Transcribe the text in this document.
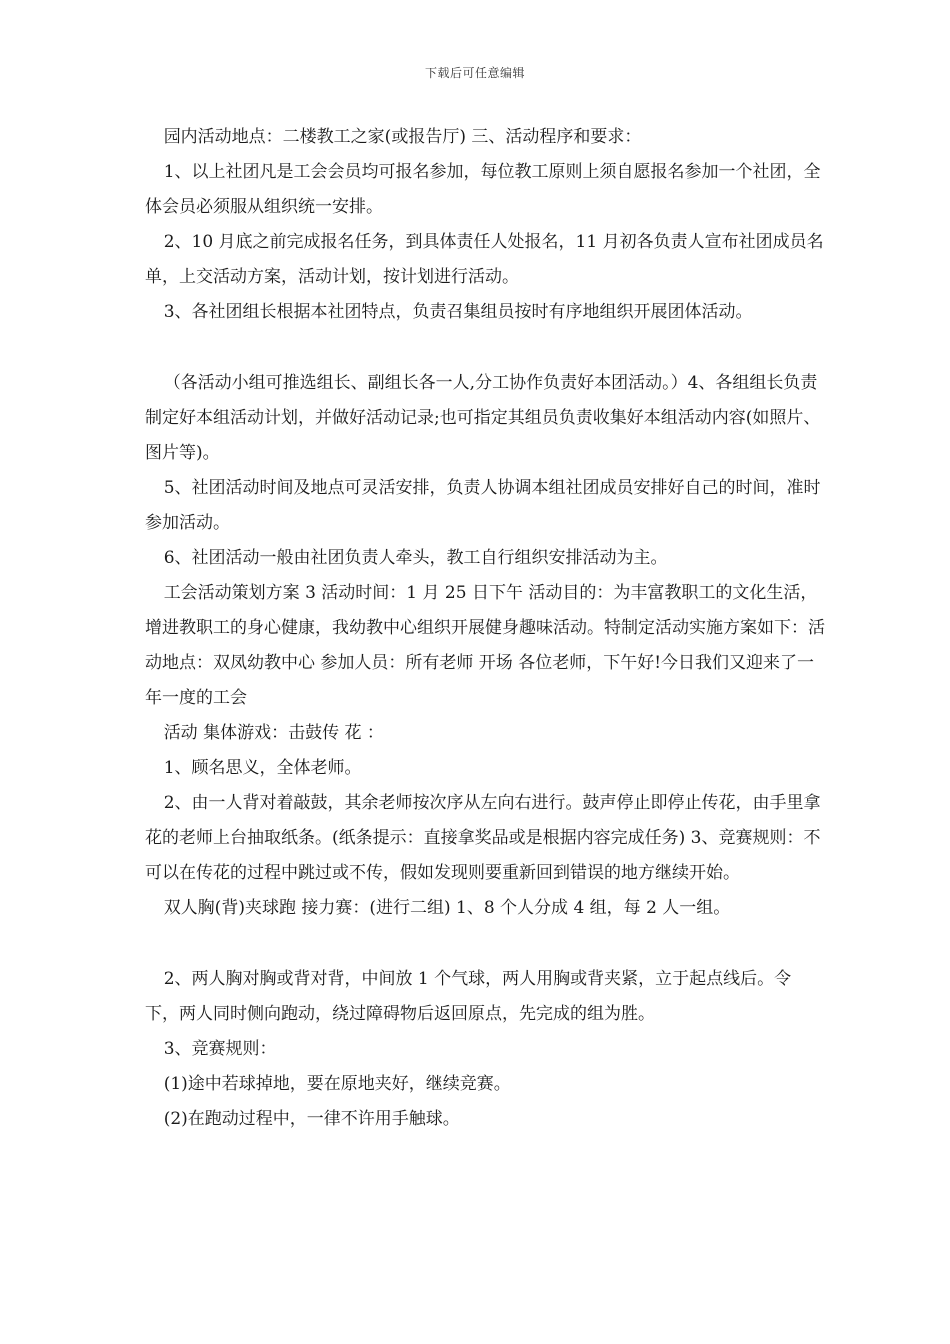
下载后可任意编辑

园内活动地点：二楼教工之家(或报告厅) 三、活动程序和要求：

1、以上社团凡是工会会员均可报名参加，每位教工原则上须自愿报名参加一个社团，全体会员必须服从组织统一安排。

2、10 月底之前完成报名任务，到具体责任人处报名，11 月初各负责人宣布社团成员名单，上交活动方案，活动计划，按计划进行活动。

3、各社团组长根据本社团特点，负责召集组员按时有序地组织开展团体活动。

（各活动小组可推选组长、副组长各一人,分工协作负责好本团活动。）4、各组组长负责制定好本组活动计划，并做好活动记录;也可指定其组员负责收集好本组活动内容(如照片、图片等)。

5、社团活动时间及地点可灵活安排，负责人协调本组社团成员安排好自己的时间，准时参加活动。

6、社团活动一般由社团负责人牵头，教工自行组织安排活动为主。

工会活动策划方案 3 活动时间：1 月 25 日下午 活动目的：为丰富教职工的文化生活，增进教职工的身心健康，我幼教中心组织开展健身趣味活动。特制定活动实施方案如下：活动地点：双凤幼教中心 参加人员：所有老师 开场 各位老师，下午好!今日我们又迎来了一年一度的工会

活动 集体游戏：击鼓传 花 ：

1、顾名思义，全体老师。

2、由一人背对着敲鼓，其余老师按次序从左向右进行。鼓声停止即停止传花，由手里拿花的老师上台抽取纸条。(纸条提示：直接拿奖品或是根据内容完成任务) 3、竞赛规则：不可以在传花的过程中跳过或不传，假如发现则要重新回到错误的地方继续开始。

双人胸(背)夹球跑 接力赛：(进行二组) 1、8 个人分成 4 组，每 2 人一组。

2、两人胸对胸或背对背，中间放 1 个气球，两人用胸或背夹紧，立于起点线后。令下，两人同时侧向跑动，绕过障碍物后返回原点，先完成的组为胜。

3、竞赛规则：

(1)途中若球掉地，要在原地夹好，继续竞赛。

(2)在跑动过程中，一律不许用手触球。
